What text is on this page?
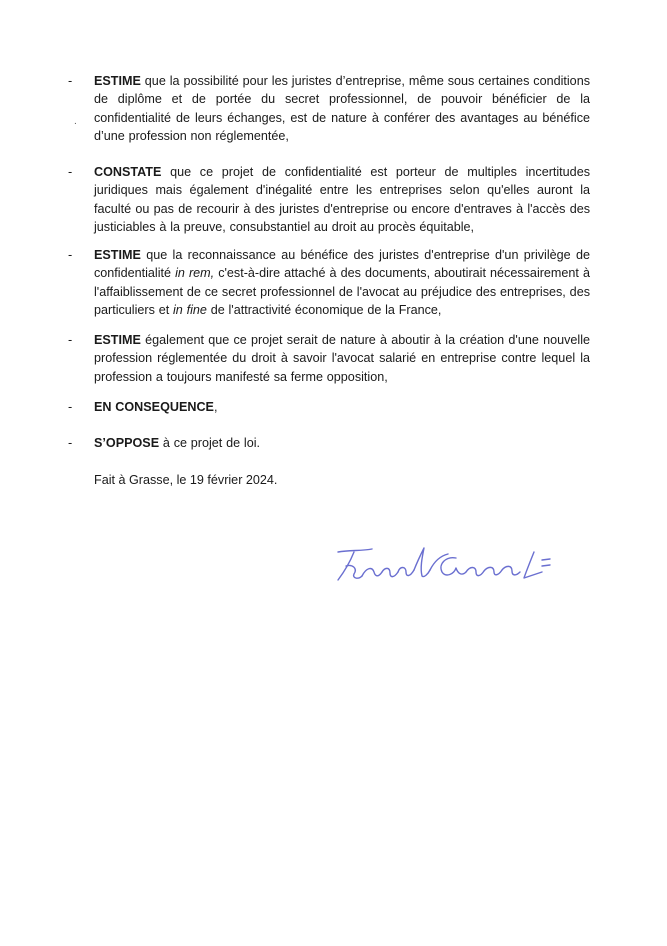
-	ESTIME que la possibilité pour les juristes d’entreprise, même sous certaines conditions de diplôme et de portée du secret professionnel, de pouvoir bénéficier de la confidentialité de leurs échanges, est de nature à conférer des avantages au bénéfice d’une profession non réglementée,
.
-	CONSTATE que ce projet de confidentialité est porteur de multiples incertitudes juridiques mais également d'inégalité entre les entreprises selon qu'elles auront la faculté ou pas de recourir à des juristes d'entreprise ou encore d'entraves à l'accès des justiciables à la preuve, consubstantiel au droit au procès équitable,
-	ESTIME que la reconnaissance au bénéfice des juristes d'entreprise d'un privilège de confidentialité in rem, c'est-à-dire attaché à des documents, aboutirait nécessairement à l'affaiblissement de ce secret professionnel de l'avocat au préjudice des entreprises, des particuliers et in fine de l'attractivité économique de la France,
-	ESTIME également que ce projet serait de nature à aboutir à la création d'une nouvelle profession réglementée du droit à savoir l'avocat salarié en entreprise contre lequel la profession a toujours manifesté sa ferme opposition,
-	EN CONSEQUENCE,
-	S’OPPOSE à ce projet de loi.
Fait à Grasse, le 19 février 2024.
